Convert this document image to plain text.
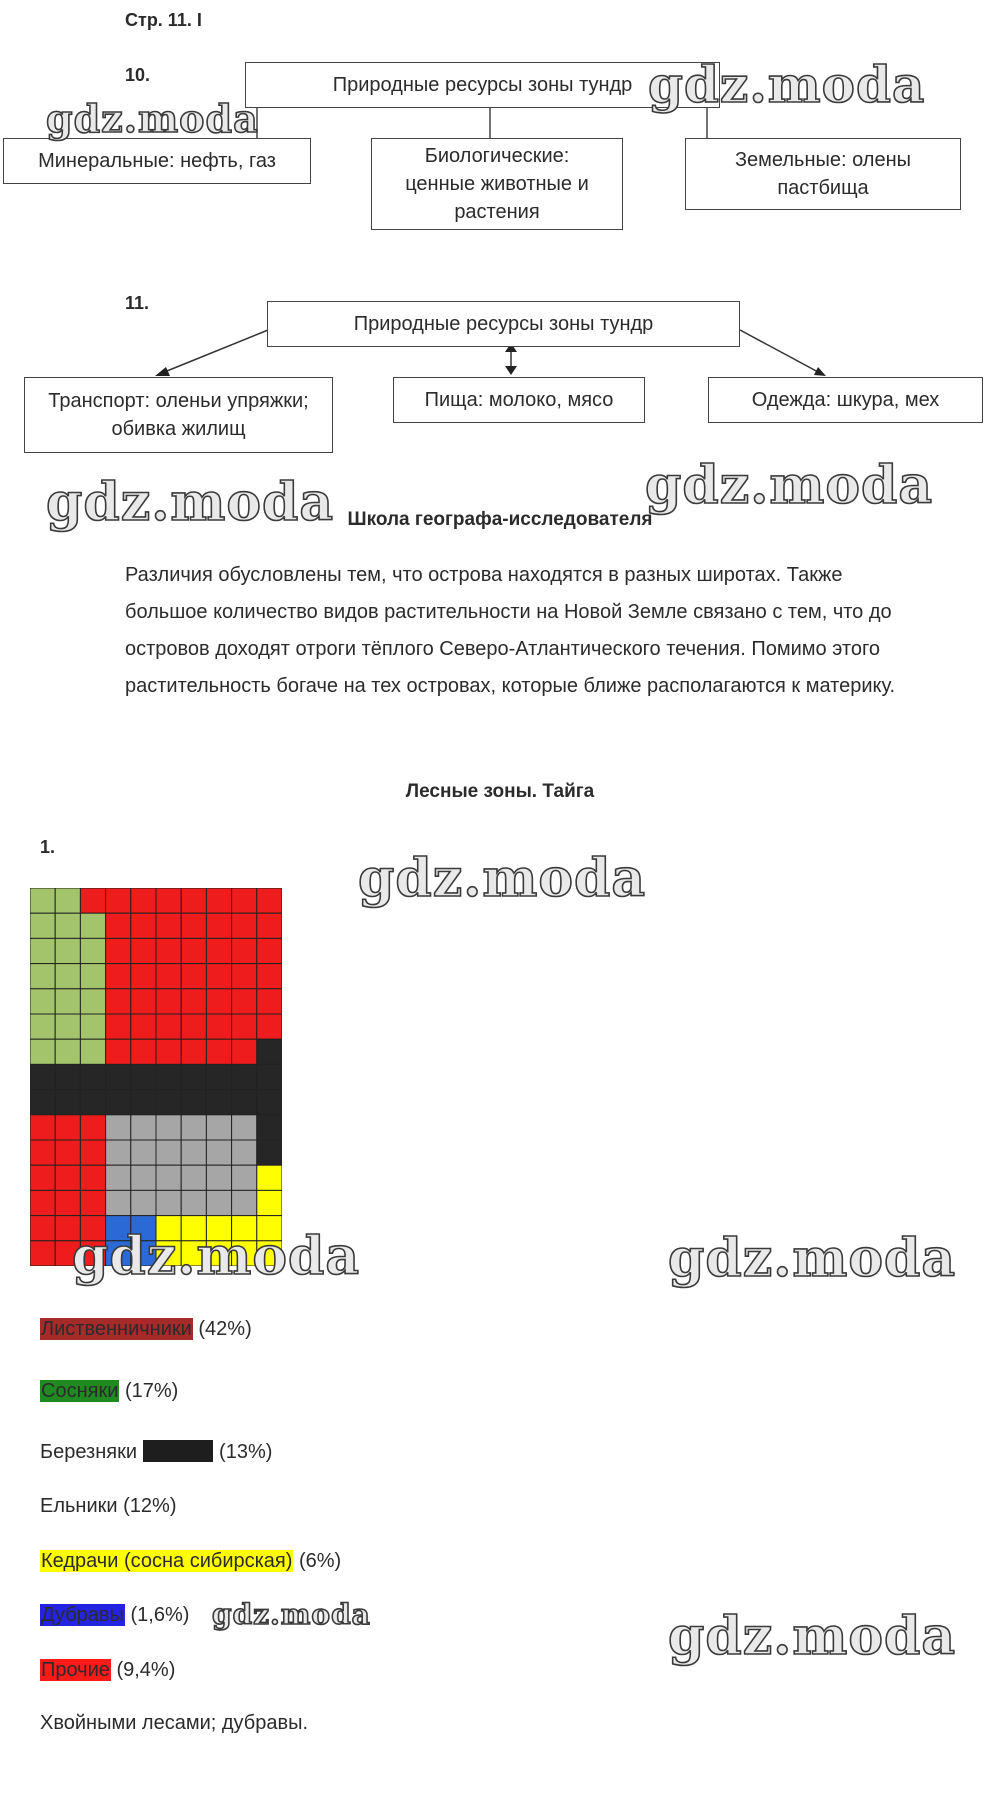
Стр. 11. І
10.	Природные ресурсы зоны тундр
Минеральные: нефть, газ	Биологические:
ценные животные и
растения
Земельные: олены
пастбища
11.
Природные ресурсы зоны тундр
Транспорт: оленьи упряжки;
обивка жилищ
Пища: молоко, мясо	Одежда: шкура, мех
Школа географа-исследователя
Различия обусловлены тем, что острова находятся в разных широтах. Также
большое количество видов растительности на Новой Земле связано с тем, что до
островов доходят отроги тёплого Северо-Атлантического течения. Помимо этого
растительность богаче на тех островах, которые ближе располагаются к материку.
Лесные зоны. Тайга
1.
Лиственничники (42%)
Сосняки (17%)
Березняки	(13%)
Ельники (12%)
Кедрачи (сосна сибирская) (6%)
Дубравы (1,6%)
Прочие (9,4%)
Хвойными лесами; дубравы.
gdz.moda
gdz.moda
gdz.moda	gdz.moda
gdz.moda
gdz.moda	gdz.moda
gdz.moda	gdz.moda
